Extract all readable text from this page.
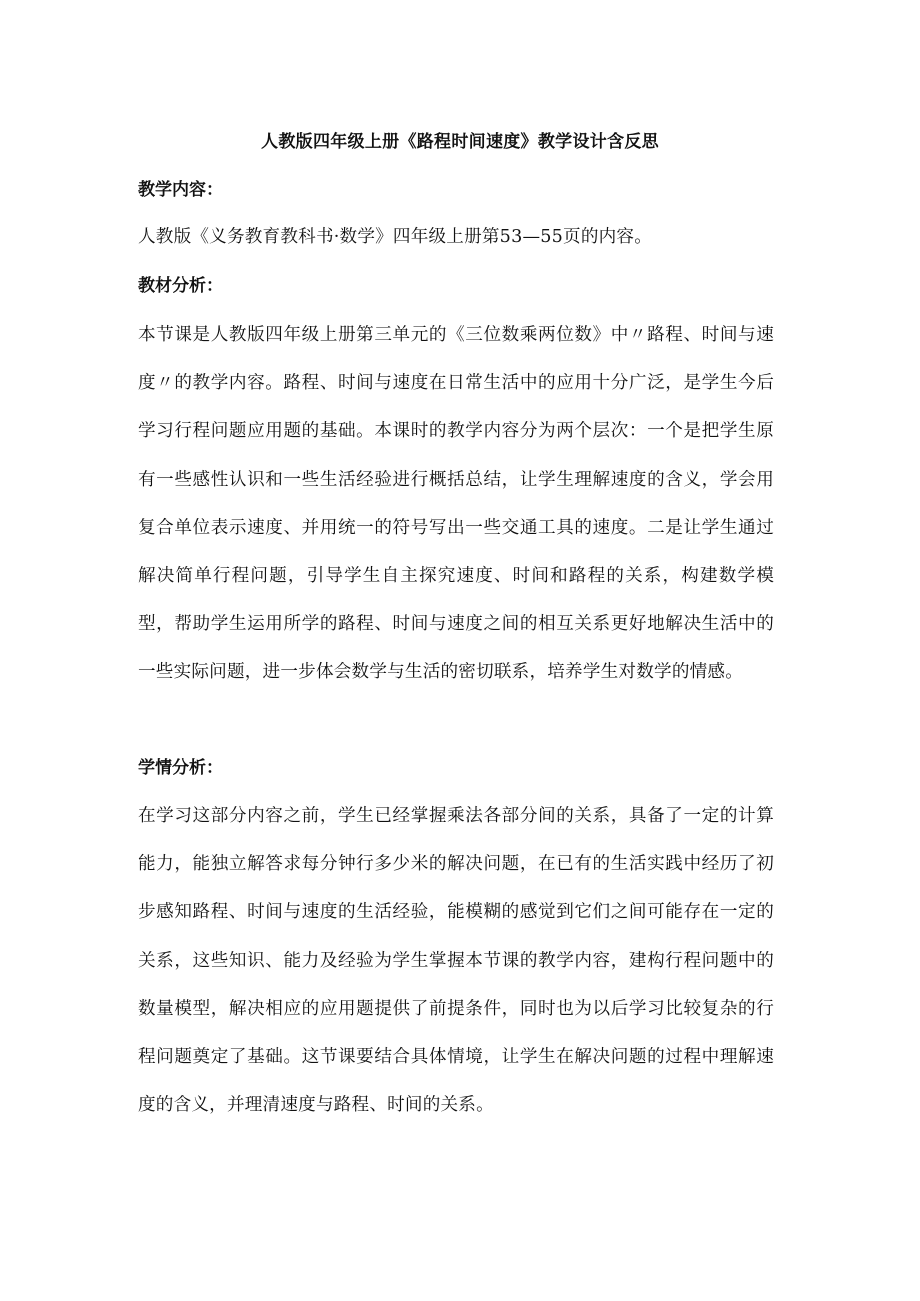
人教版四年级上册《路程时间速度》教学设计含反思
教学内容：
人教版《义务教育教科书·数学》四年级上册第53—55页的内容。
教材分析：
本节课是人教版四年级上册第三单元的《三位数乘两位数》中〃路程、时间与速度〃的教学内容。路程、时间与速度在日常生活中的应用十分广泛，是学生今后学习行程问题应用题的基础。本课时的教学内容分为两个层次：一个是把学生原有一些感性认识和一些生活经验进行概括总结，让学生理解速度的含义，学会用复合单位表示速度、并用统一的符号写出一些交通工具的速度。二是让学生通过解决简单行程问题，引导学生自主探究速度、时间和路程的关系，构建数学模型，帮助学生运用所学的路程、时间与速度之间的相互关系更好地解决生活中的一些实际问题，进一步体会数学与生活的密切联系，培养学生对数学的情感。
学情分析：
在学习这部分内容之前，学生已经掌握乘法各部分间的关系，具备了一定的计算能力，能独立解答求每分钟行多少米的解决问题，在已有的生活实践中经历了初步感知路程、时间与速度的生活经验，能模糊的感觉到它们之间可能存在一定的关系，这些知识、能力及经验为学生掌握本节课的教学内容，建构行程问题中的数量模型，解决相应的应用题提供了前提条件，同时也为以后学习比较复杂的行程问题奠定了基础。这节课要结合具体情境，让学生在解决问题的过程中理解速度的含义，并理清速度与路程、时间的关系。
